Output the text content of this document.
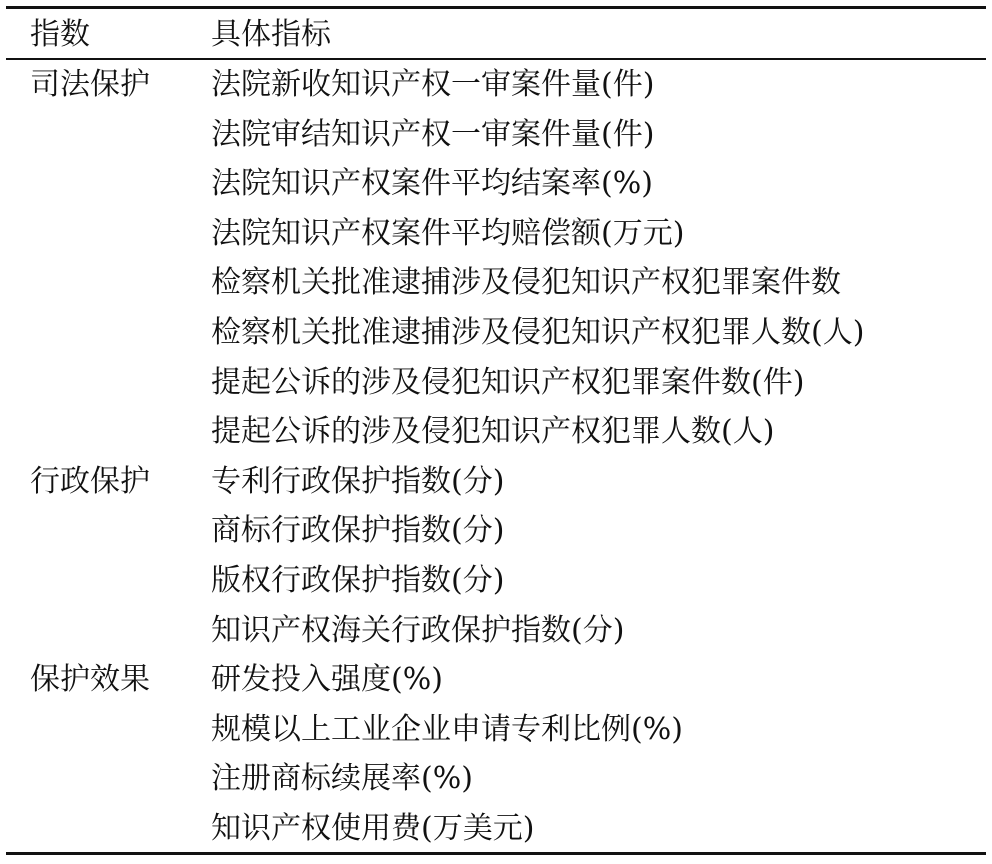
指数	具体指标
司法保护 法院新收知识产权一审案件量(件)
法院审结知识产权一审案件量(件)
法院知识产权案件平均结案率(%)
法院知识产权案件平均赔偿额(万元)
检察机关批准逮捕涉及侵犯知识产权犯罪案件数
检察机关批准逮捕涉及侵犯知识产权犯罪人数(人)
提起公诉的涉及侵犯知识产权犯罪案件数(件)
提起公诉的涉及侵犯知识产权犯罪人数(人)
行政保护 专利行政保护指数(分)
商标行政保护指数(分)
版权行政保护指数(分)
知识产权海关行政保护指数(分)
保护效果 研发投入强度(%)
规模以上工业企业申请专利比例(%)
注册商标续展率(%)
知识产权使用费(万美元)
